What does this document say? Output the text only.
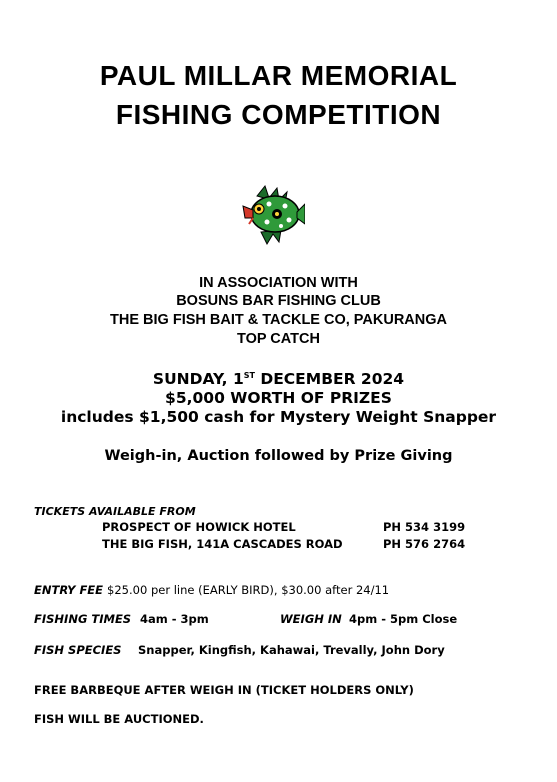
PAUL MILLAR MEMORIAL
FISHING COMPETITION
IN ASSOCIATION WITH
BOSUNS BAR FISHING CLUB
THE BIG FISH BAIT & TACKLE CO, PAKURANGA
TOP CATCH
SUNDAY, 1ST DECEMBER 2024
$5,000 WORTH OF PRIZES
includes $1,500 cash for Mystery Weight Snapper
Weigh-in, Auction followed by Prize Giving
TICKETS AVAILABLE FROM
PROSPECT OF HOWICK HOTEL	PH 534 3199
THE BIG FISH, 141A CASCADES ROAD	PH 576 2764
ENTRY FEE $25.00 per line (EARLY BIRD), $30.00 after 24/11
FISHING TIMES 4am - 3pm	WEIGH IN 4pm - 5pm Close
FISH SPECIES Snapper, Kingfish, Kahawai, Trevally, John Dory
FREE BARBEQUE AFTER WEIGH IN (TICKET HOLDERS ONLY)
FISH WILL BE AUCTIONED.
